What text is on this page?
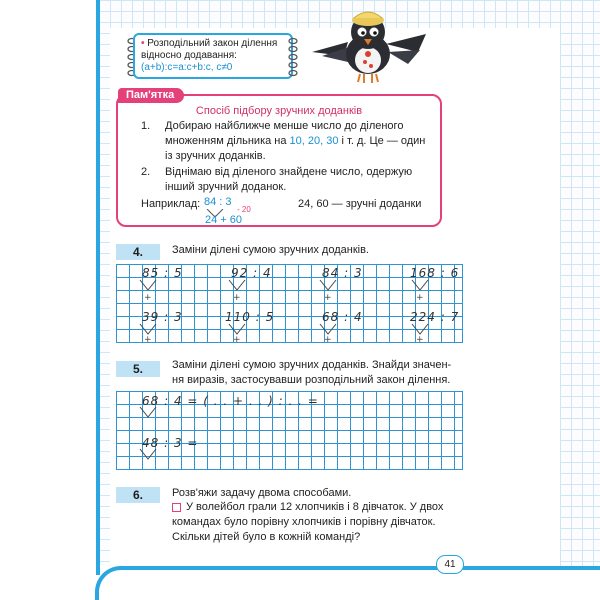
• Розподільний закон ділення
відносно додавання:
(a+b):c=a:c+b:c, c≠0
Пам'ятка
Спосіб підбору зручних доданків
1. Добираю найближче менше число до діленого
множенням дільника на 10, 20, 30 і т. д. Це — один
із зручних доданків.
2. Віднімаю від діленого знайдене число, одержую
інший зручний доданок.
Наприклад: 84 : 3
- 20
24 + 60
24, 60 — зручні доданки
4.	Заміни ділені сумою зручних доданків.
85 : 5	92 : 4	84 : 3	168 : 6
39 : 3	110 : 5	68 : 4	224 : 7
+	+	+	+
+	+	+	+
5.	Заміни ділені сумою зручних доданків. Знайди значен-
ня виразів, застосувавши розподільний закон ділення.
68 : 4 = ( . . + . . ) : . . =
48 : 3 =
6.	Розв'яжи задачу двома способами.
У волейбол грали 12 хлопчиків і 8 дівчаток. У двох
командах було порівну хлопчиків і порівну дівчаток.
Скільки дітей було в кожній команді?
41
